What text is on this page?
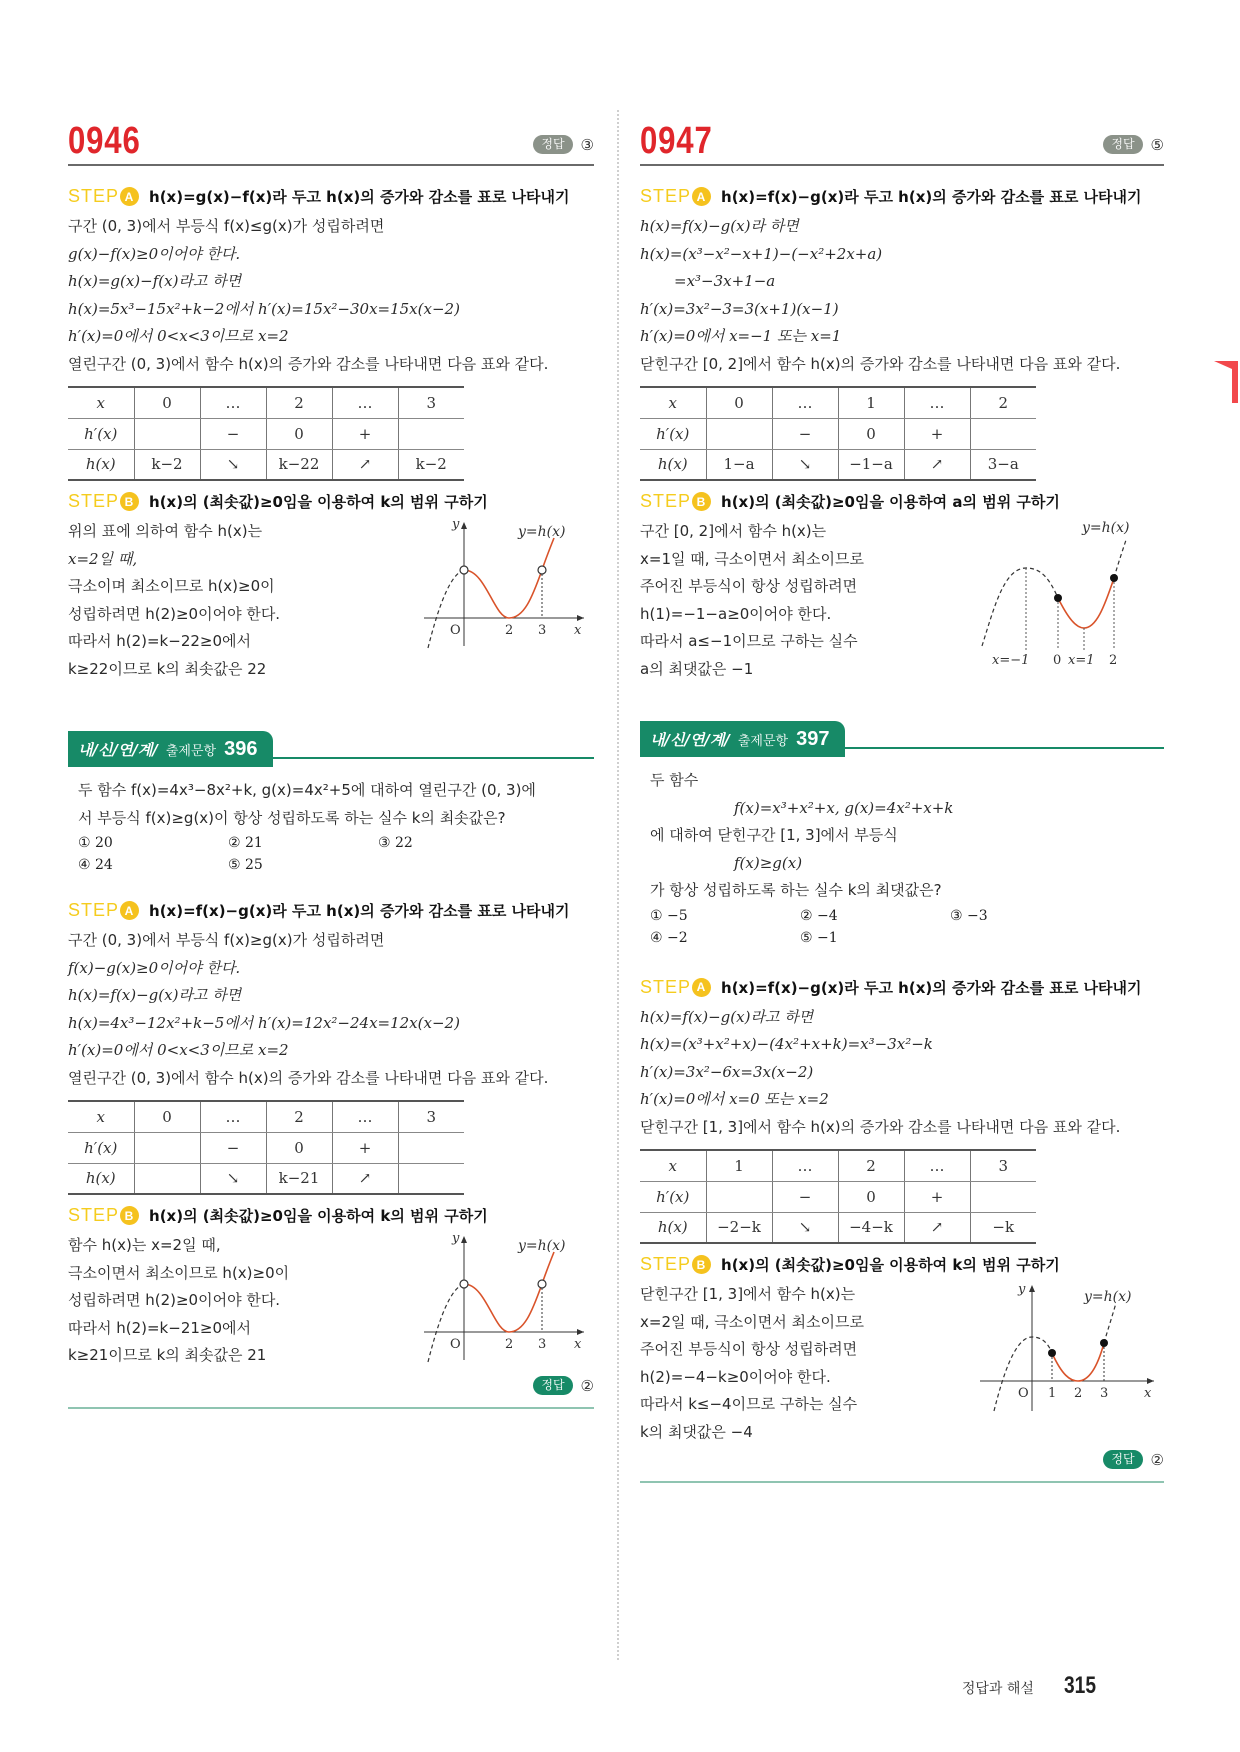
0946	정답	③
STEP A h(x)=g(x)−f(x)라 두고 h(x)의 증가와 감소를 표로 나타내기
구간 (0, 3)에서 부등식 f(x)≤g(x)가 성립하려면
g(x)−f(x)≥0이어야 한다.
h(x)=g(x)−f(x)라고 하면
h(x)=5x³−15x²+k−2에서 h′(x)=15x²−30x=15x(x−2)
h′(x)=0에서 0<x<3이므로 x=2
열린구간 (0, 3)에서 함수 h(x)의 증가와 감소를 나타내면 다음 표와 같다.
x	0	…	2	…	3
h′(x)		−	0	+	
h(x)	k−2	↘	k−22	↗	k−2
STEP B h(x)의 (최솟값)≥0임을 이용하여 k의 범위 구하기
위의 표에 의하여 함수 h(x)는
x=2일 때,
극소이며 최소이므로 h(x)≥0이
성립하려면 h(2)≥0이어야 한다.
따라서 h(2)=k−22≥0에서
k≥22이므로 k의 최솟값은 22
y	y=h(x)
O	2 3 x
내/신/연/계/ 출제문항 396
두 함수 f(x)=4x³−8x²+k, g(x)=4x²+5에 대하여 열린구간 (0, 3)에
서 부등식 f(x)≥g(x)이 항상 성립하도록 하는 실수 k의 최솟값은?
① 20	② 21	③ 22
④ 24	⑤ 25
STEP A h(x)=f(x)−g(x)라 두고 h(x)의 증가와 감소를 표로 나타내기
구간 (0, 3)에서 부등식 f(x)≥g(x)가 성립하려면
f(x)−g(x)≥0이어야 한다.
h(x)=f(x)−g(x)라고 하면
h(x)=4x³−12x²+k−5에서 h′(x)=12x²−24x=12x(x−2)
h′(x)=0에서 0<x<3이므로 x=2
열린구간 (0, 3)에서 함수 h(x)의 증가와 감소를 나타내면 다음 표와 같다.
x	0	…	2	…	3
h′(x)		−	0	+	
h(x)		↘	k−21	↗	
STEP B h(x)의 (최솟값)≥0임을 이용하여 k의 범위 구하기
함수 h(x)는 x=2일 때,
극소이면서 최소이므로 h(x)≥0이
성립하려면 h(2)≥0이어야 한다.
따라서 h(2)=k−21≥0에서
k≥21이므로 k의 최솟값은 21
y	y=h(x)
O	2 3 x
정답	②
0947	정답	⑤
STEP A h(x)=f(x)−g(x)라 두고 h(x)의 증가와 감소를 표로 나타내기
h(x)=f(x)−g(x)라 하면
h(x)=(x³−x²−x+1)−(−x²+2x+a)
=x³−3x+1−a
h′(x)=3x²−3=3(x+1)(x−1)
h′(x)=0에서 x=−1 또는 x=1
닫힌구간 [0, 2]에서 함수 h(x)의 증가와 감소를 나타내면 다음 표와 같다.
x	0	…	1	…	2
h′(x)		−	0	+	
h(x)	1−a	↘	−1−a	↗	3−a
STEP B h(x)의 (최솟값)≥0임을 이용하여 a의 범위 구하기
구간 [0, 2]에서 함수 h(x)는
x=1일 때, 극소이면서 최소이므로
주어진 부등식이 항상 성립하려면
h(1)=−1−a≥0이어야 한다.
따라서 a≤−1이므로 구하는 실수
a의 최댓값은 −1
y=h(x)
x=−1 0 x=1 2
내/신/연/계/ 출제문항 397
두 함수
f(x)=x³+x²+x, g(x)=4x²+x+k
에 대하여 닫힌구간 [1, 3]에서 부등식
f(x)≥g(x)
가 항상 성립하도록 하는 실수 k의 최댓값은?
① −5	② −4	③ −3
④ −2	⑤ −1
STEP A h(x)=f(x)−g(x)라 두고 h(x)의 증가와 감소를 표로 나타내기
h(x)=f(x)−g(x)라고 하면
h(x)=(x³+x²+x)−(4x²+x+k)=x³−3x²−k
h′(x)=3x²−6x=3x(x−2)
h′(x)=0에서 x=0 또는 x=2
닫힌구간 [1, 3]에서 함수 h(x)의 증가와 감소를 나타내면 다음 표와 같다.
x	1	…	2	…	3
h′(x)		−	0	+	
h(x)	−2−k	↘	−4−k	↗	−k
STEP B h(x)의 (최솟값)≥0임을 이용하여 k의 범위 구하기
닫힌구간 [1, 3]에서 함수 h(x)는
x=2일 때, 극소이면서 최소이므로
주어진 부등식이 항상 성립하려면
h(2)=−4−k≥0이어야 한다.
따라서 k≤−4이므로 구하는 실수
k의 최댓값은 −4
y	y=h(x)
O 1 2 3	x
정답	②
정답과 해설 315
